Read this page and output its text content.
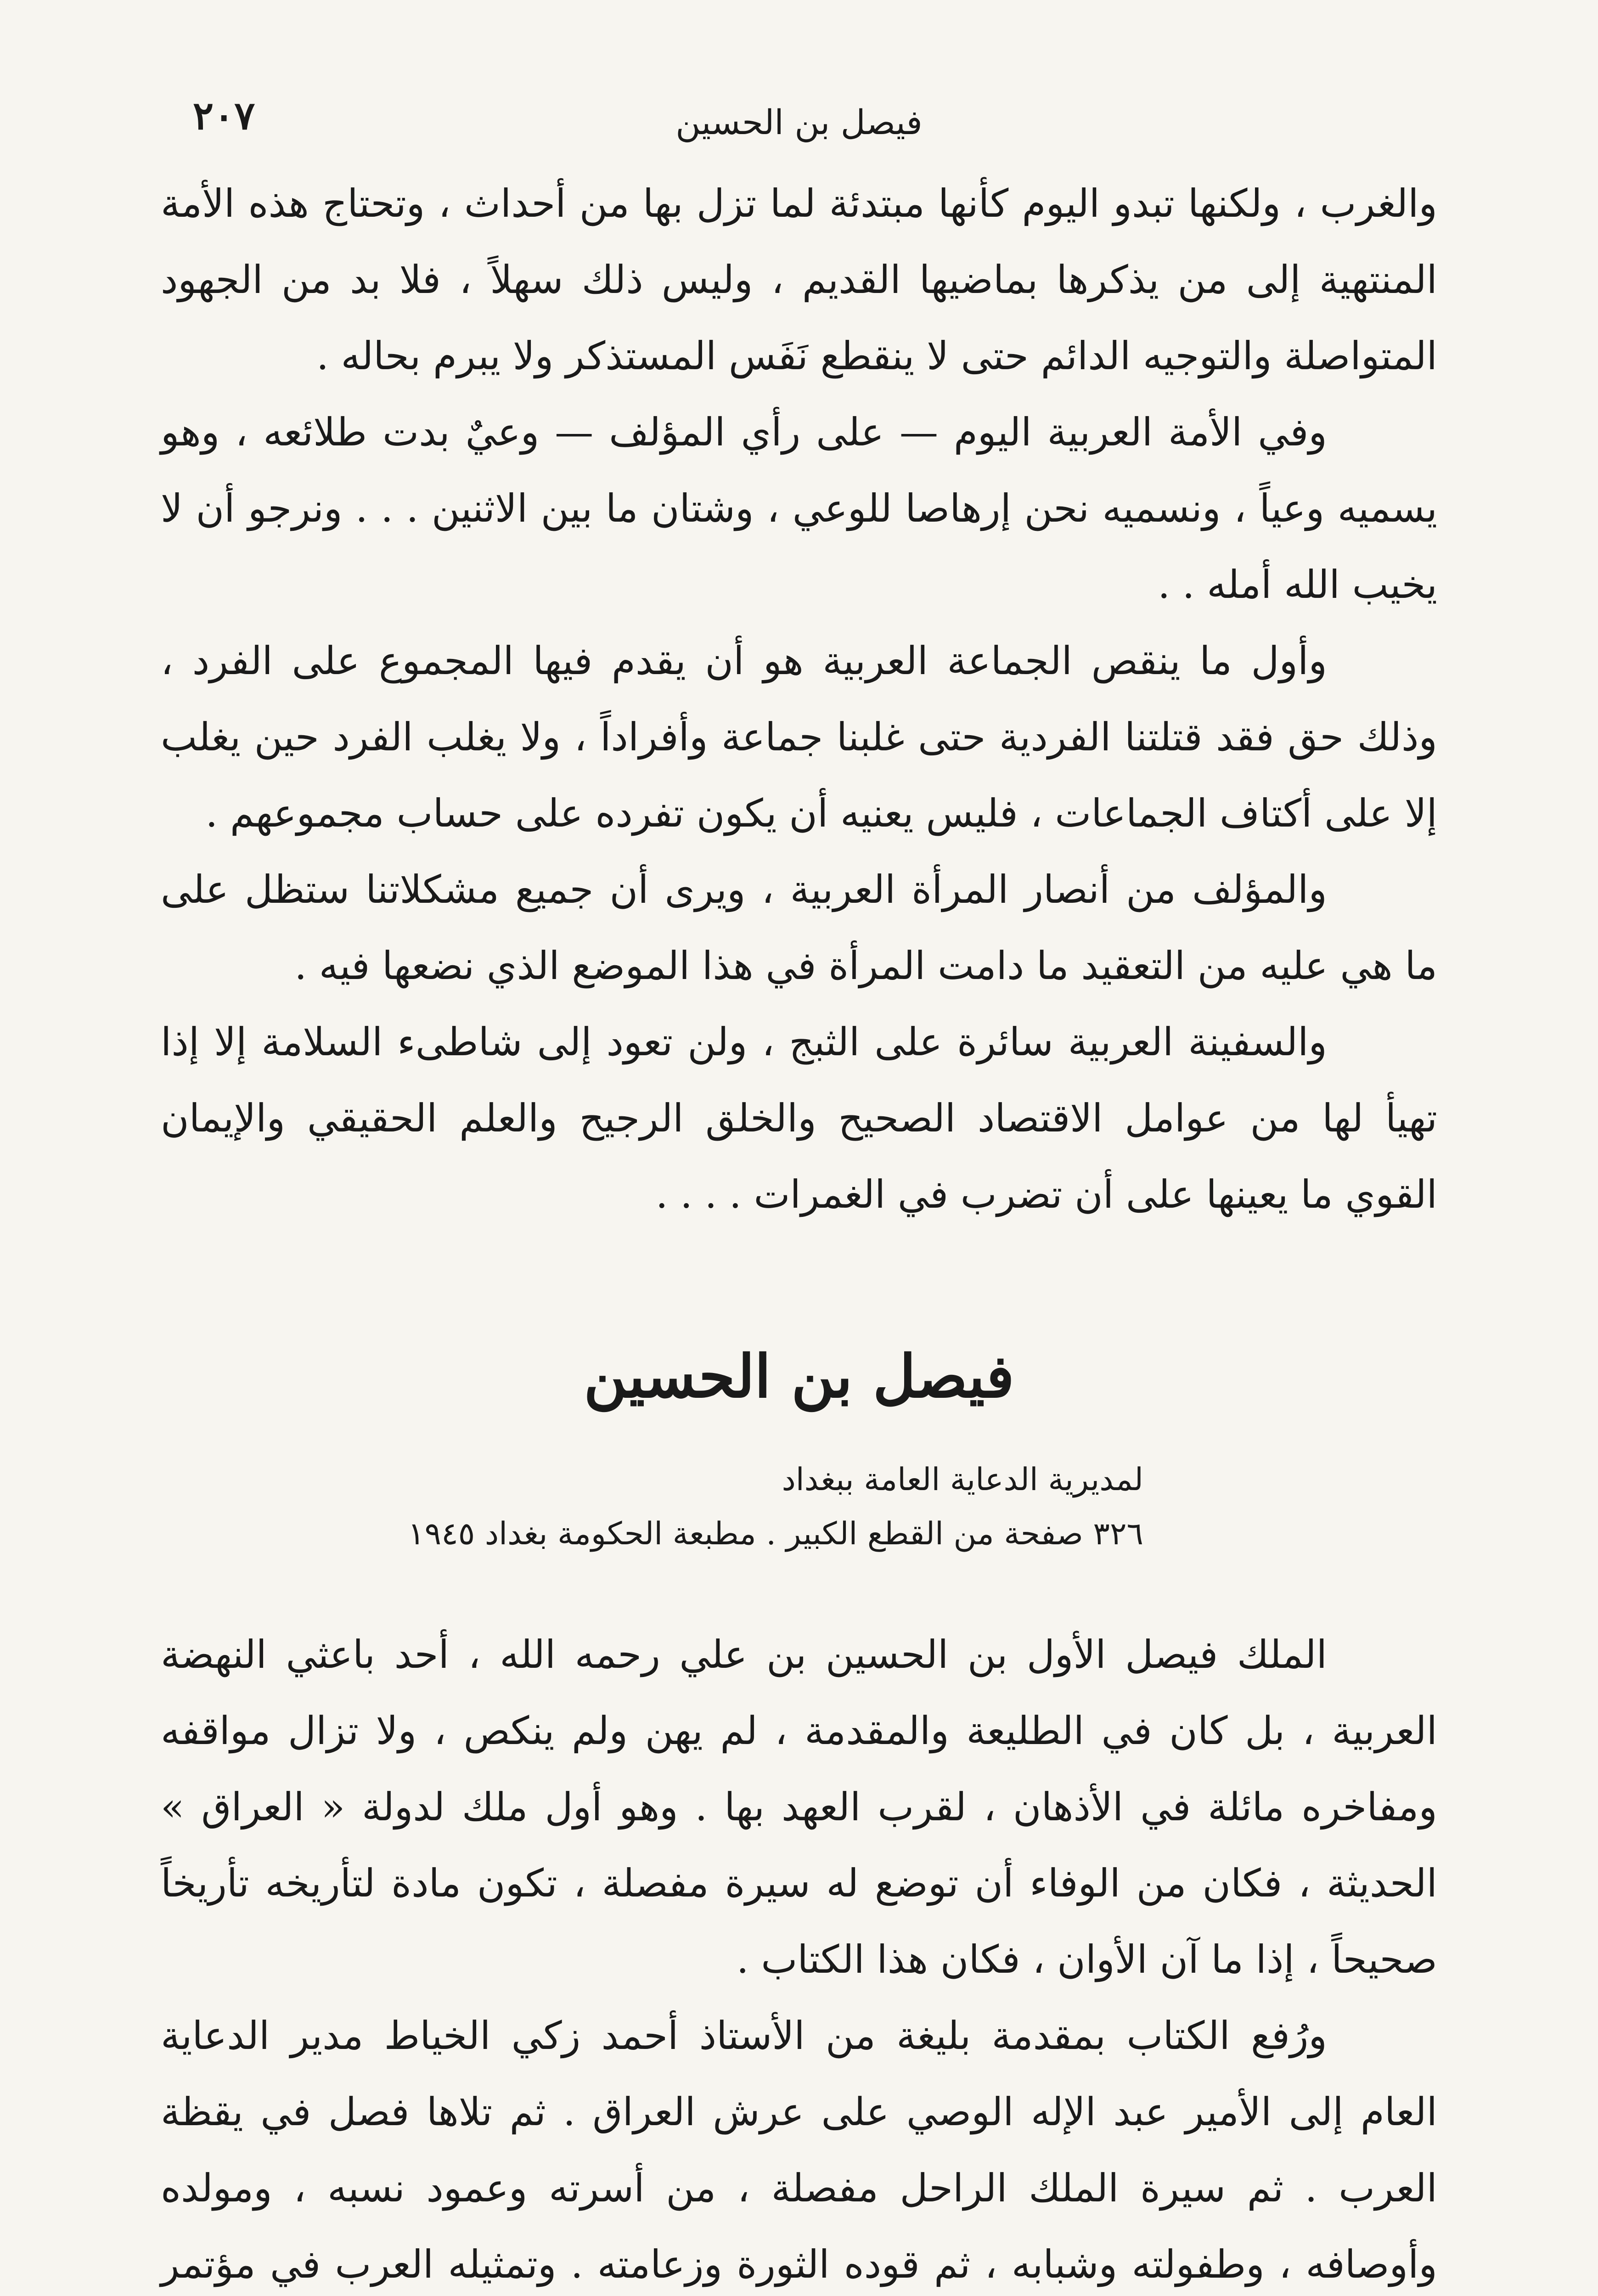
فيصل بن الحسين
٢٠٧

والغرب ، ولكنها تبدو اليوم كأنها مبتدئة لما تزل بها من أحداث ، وتحتاج هذه الأمة المنتهية إلى من يذكرها بماضيها القديم ، وليس ذلك سهلاً ، فلا بد من الجهود المتواصلة والتوجيه الدائم حتى لا ينقطع نَفَس المستذكر ولا يبرم بحاله .

وفي الأمة العربية اليوم — على رأي المؤلف — وعيٌ بدت طلائعه ، وهو يسميه وعياً ، ونسميه نحن إرهاصا للوعي ، وشتان ما بين الاثنين . . . ونرجو أن لا يخيب الله أمله . .

وأول ما ينقص الجماعة العربية هو أن يقدم فيها المجموع على الفرد ، وذلك حق فقد قتلتنا الفردية حتى غلبنا جماعة وأفراداً ، ولا يغلب الفرد حين يغلب إلا على أكتاف الجماعات ، فليس يعنيه أن يكون تفرده على حساب مجموعهم .

والمؤلف من أنصار المرأة العربية ، ويرى أن جميع مشكلاتنا ستظل على ما هي عليه من التعقيد ما دامت المرأة في هذا الموضع الذي نضعها فيه .

والسفينة العربية سائرة على الثبج ، ولن تعود إلى شاطىء السلامة إلا إذا تهيأ لها من عوامل الاقتصاد الصحيح والخلق الرجيح والعلم الحقيقي والإيمان القوي ما يعينها على أن تضرب في الغمرات . . . .

فيصل بن الحسين
لمديرية الدعاية العامة ببغداد
٣٢٦ صفحة من القطع الكبير . مطبعة الحكومة بغداد ١٩٤٥

الملك فيصل الأول بن الحسين بن علي رحمه الله ، أحد باعثي النهضة العربية ، بل كان في الطليعة والمقدمة ، لم يهن ولم ينكص ، ولا تزال مواقفه ومفاخره مائلة في الأذهان ، لقرب العهد بها . وهو أول ملك لدولة « العراق » الحديثة ، فكان من الوفاء أن توضع له سيرة مفصلة ، تكون مادة لتأريخه تأريخاً صحيحاً ، إذا ما آن الأوان ، فكان هذا الكتاب .

ورُفع الكتاب بمقدمة بليغة من الأستاذ أحمد زكي الخياط مدير الدعاية العام إلى الأمير عبد الإله الوصي على عرش العراق . ثم تلاها فصل في يقظة العرب . ثم سيرة الملك الراحل مفصلة ، من أسرته وعمود نسبه ، ومولده وأوصافه ، وطفولته وشبابه ، ثم قوده الثورة وزعامته . وتمثيله العرب في مؤتمر
